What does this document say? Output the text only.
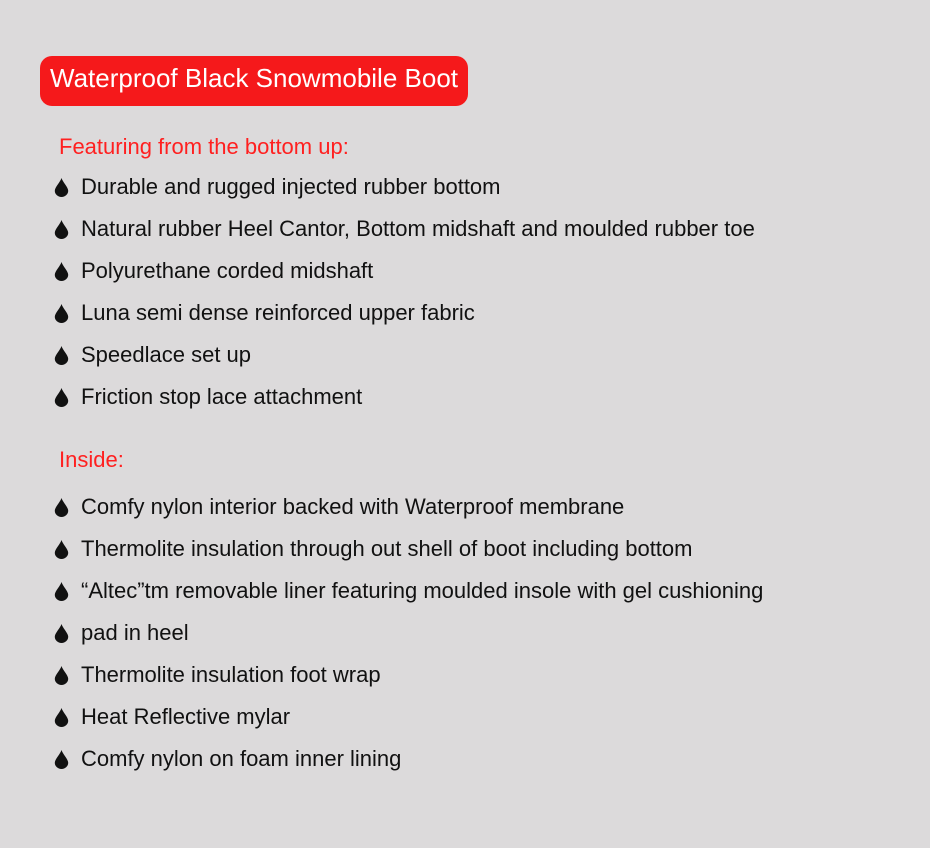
Waterproof Black Snowmobile Boot
Featuring from the bottom up:
Durable and rugged injected rubber bottom
Natural rubber Heel Cantor, Bottom midshaft and moulded rubber toe
Polyurethane corded midshaft
Luna semi dense reinforced upper fabric
Speedlace set up
Friction stop lace attachment
Inside:
Comfy nylon interior backed with Waterproof membrane
Thermolite insulation through out shell of boot including bottom
“Altec”tm removable liner featuring moulded insole with gel cushioning
pad in heel
Thermolite insulation foot wrap
Heat Reflective mylar
Comfy nylon on foam inner lining
